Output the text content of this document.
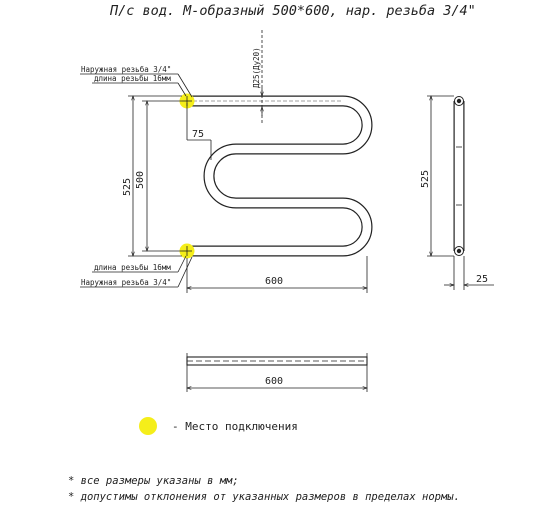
П/с вод. М-образный 500*600, нар. резьба 3/4"
Д25(Ду20)
75
525 500
600
Наружная резьба 3/4"
длина резьбы 16мм
длина резьбы 16мм
Наружная резьба 3/4"
525
25
600
- Место подключения
* все размеры указаны в мм;
* допустимы отклонения от указанных размеров в пределах нормы.
